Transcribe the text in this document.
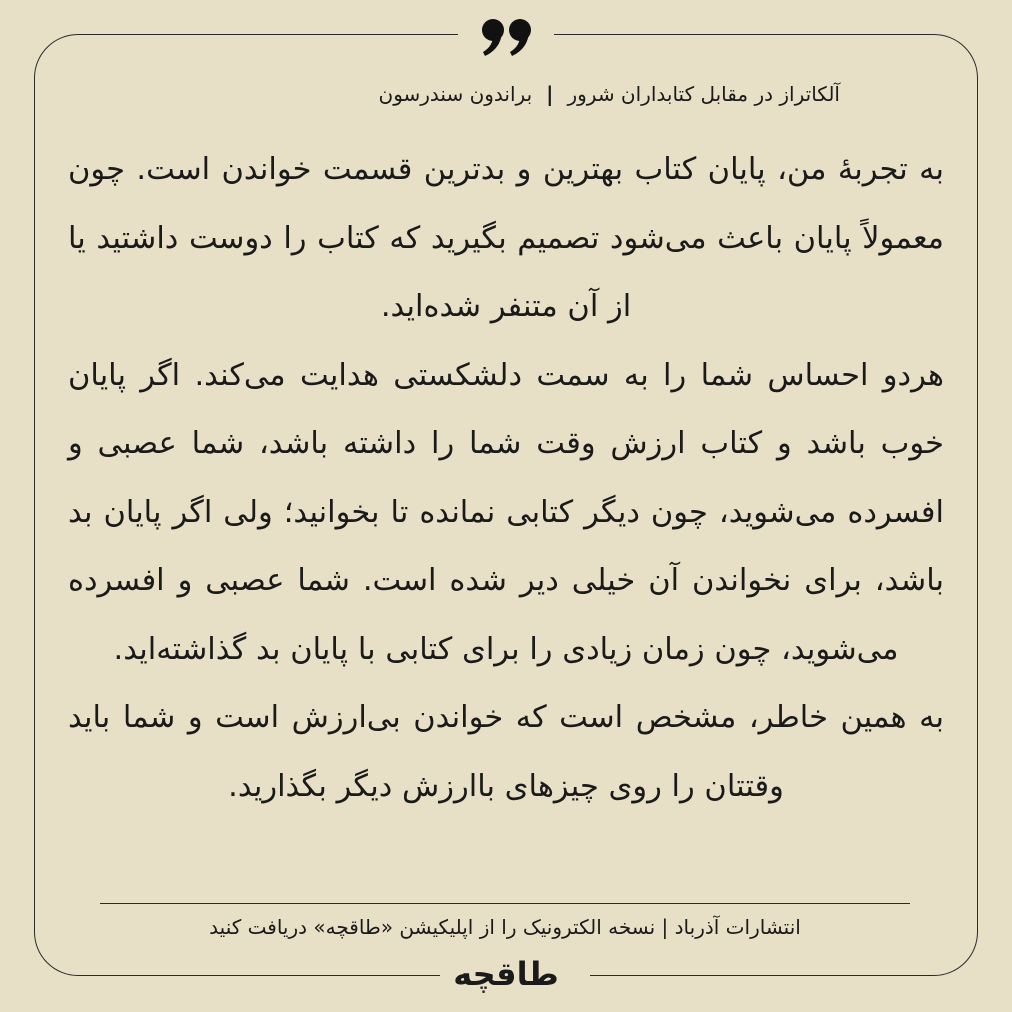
آلکاتراز در مقابل کتابداران شرور|براندون سندرسون

به تجربهٔ من، پایان کتاب بهترین و بدترین قسمت خواندن است. چون معمولاً پایان باعث می‌شود تصمیم بگیرید که کتاب را دوست داشتید یا از آن متنفر شده‌اید.

هردو احساس شما را به سمت دلشکستی هدایت می‌کند. اگر پایان خوب باشد و کتاب ارزش وقت شما را داشته باشد، شما عصبی و افسرده می‌شوید، چون دیگر کتابی نمانده تا بخوانید؛ ولی اگر پایان بد باشد، برای نخواندن آن خیلی دیر شده است. شما عصبی و افسرده می‌شوید، چون زمان زیادی را برای کتابی با پایان بد گذاشته‌اید.

به همین خاطر، مشخص است که خواندن بی‌ارزش است و شما باید وقتتان را روی چیزهای باارزش دیگر بگذارید.

انتشارات آذرباد | نسخه الکترونیک را از اپلیکیشن «طاقچه» دریافت کنید
طاقچه
